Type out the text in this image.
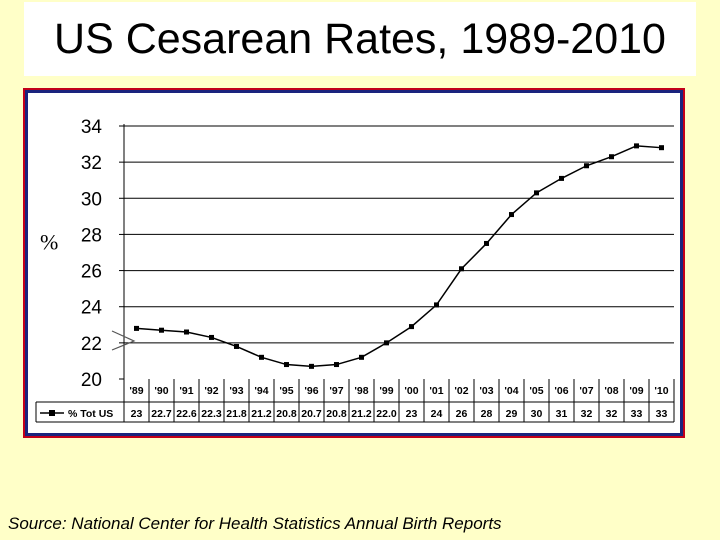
US Cesarean Rates, 1989-2010
20
22
24
26
28
30
32
34
%
'89
23
'90
22.7
'91
22.6
'92
22.3
'93
21.8
'94
21.2
'95
20.8
'96
20.7
'97
20.8
'98
21.2
'99
22.0
'00
23
'01
24
'02
26
'03
28
'04
29
'05
30
'06
31
'07
32
'08
32
'09
33
'10
33
% Tot US
Source: National Center for Health Statistics Annual Birth Reports
